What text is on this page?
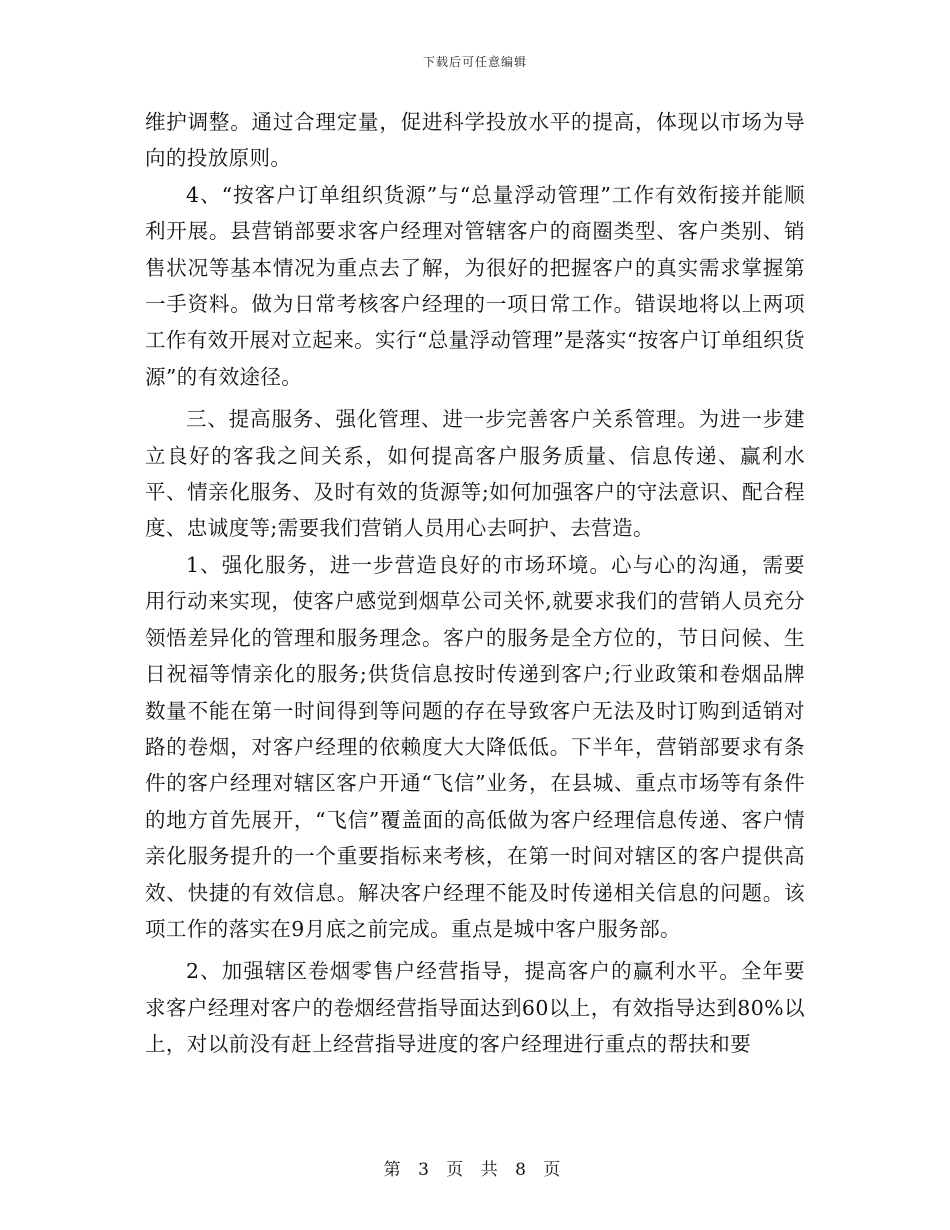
下载后可任意编辑

维护调整。通过合理定量，促进科学投放水平的提高，体现以市场为导向的投放原则。

4、“按客户订单组织货源”与“总量浮动管理”工作有效衔接并能顺利开展。县营销部要求客户经理对管辖客户的商圈类型、客户类别、销售状况等基本情况为重点去了解，为很好的把握客户的真实需求掌握第一手资料。做为日常考核客户经理的一项日常工作。错误地将以上两项工作有效开展对立起来。实行“总量浮动管理”是落实“按客户订单组织货源”的有效途径。

三、提高服务、强化管理、进一步完善客户关系管理。为进一步建立良好的客我之间关系，如何提高客户服务质量、信息传递、赢利水平、情亲化服务、及时有效的货源等;如何加强客户的守法意识、配合程度、忠诚度等;需要我们营销人员用心去呵护、去营造。

1、强化服务，进一步营造良好的市场环境。心与心的沟通，需要用行动来实现，使客户感觉到烟草公司关怀,就要求我们的营销人员充分领悟差异化的管理和服务理念。客户的服务是全方位的，节日问候、生日祝福等情亲化的服务;供货信息按时传递到客户;行业政策和卷烟品牌数量不能在第一时间得到等问题的存在导致客户无法及时订购到适销对路的卷烟，对客户经理的依赖度大大降低低。下半年，营销部要求有条件的客户经理对辖区客户开通“飞信”业务，在县城、重点市场等有条件的地方首先展开，“飞信”覆盖面的高低做为客户经理信息传递、客户情亲化服务提升的一个重要指标来考核，在第一时间对辖区的客户提供高效、快捷的有效信息。解决客户经理不能及时传递相关信息的问题。该项工作的落实在9月底之前完成。重点是城中客户服务部。

2、加强辖区卷烟零售户经营指导，提高客户的赢利水平。全年要求客户经理对客户的卷烟经营指导面达到60以上，有效指导达到80%以上，对以前没有赶上经营指导进度的客户经理进行重点的帮扶和要

第 3 页 共 8 页
